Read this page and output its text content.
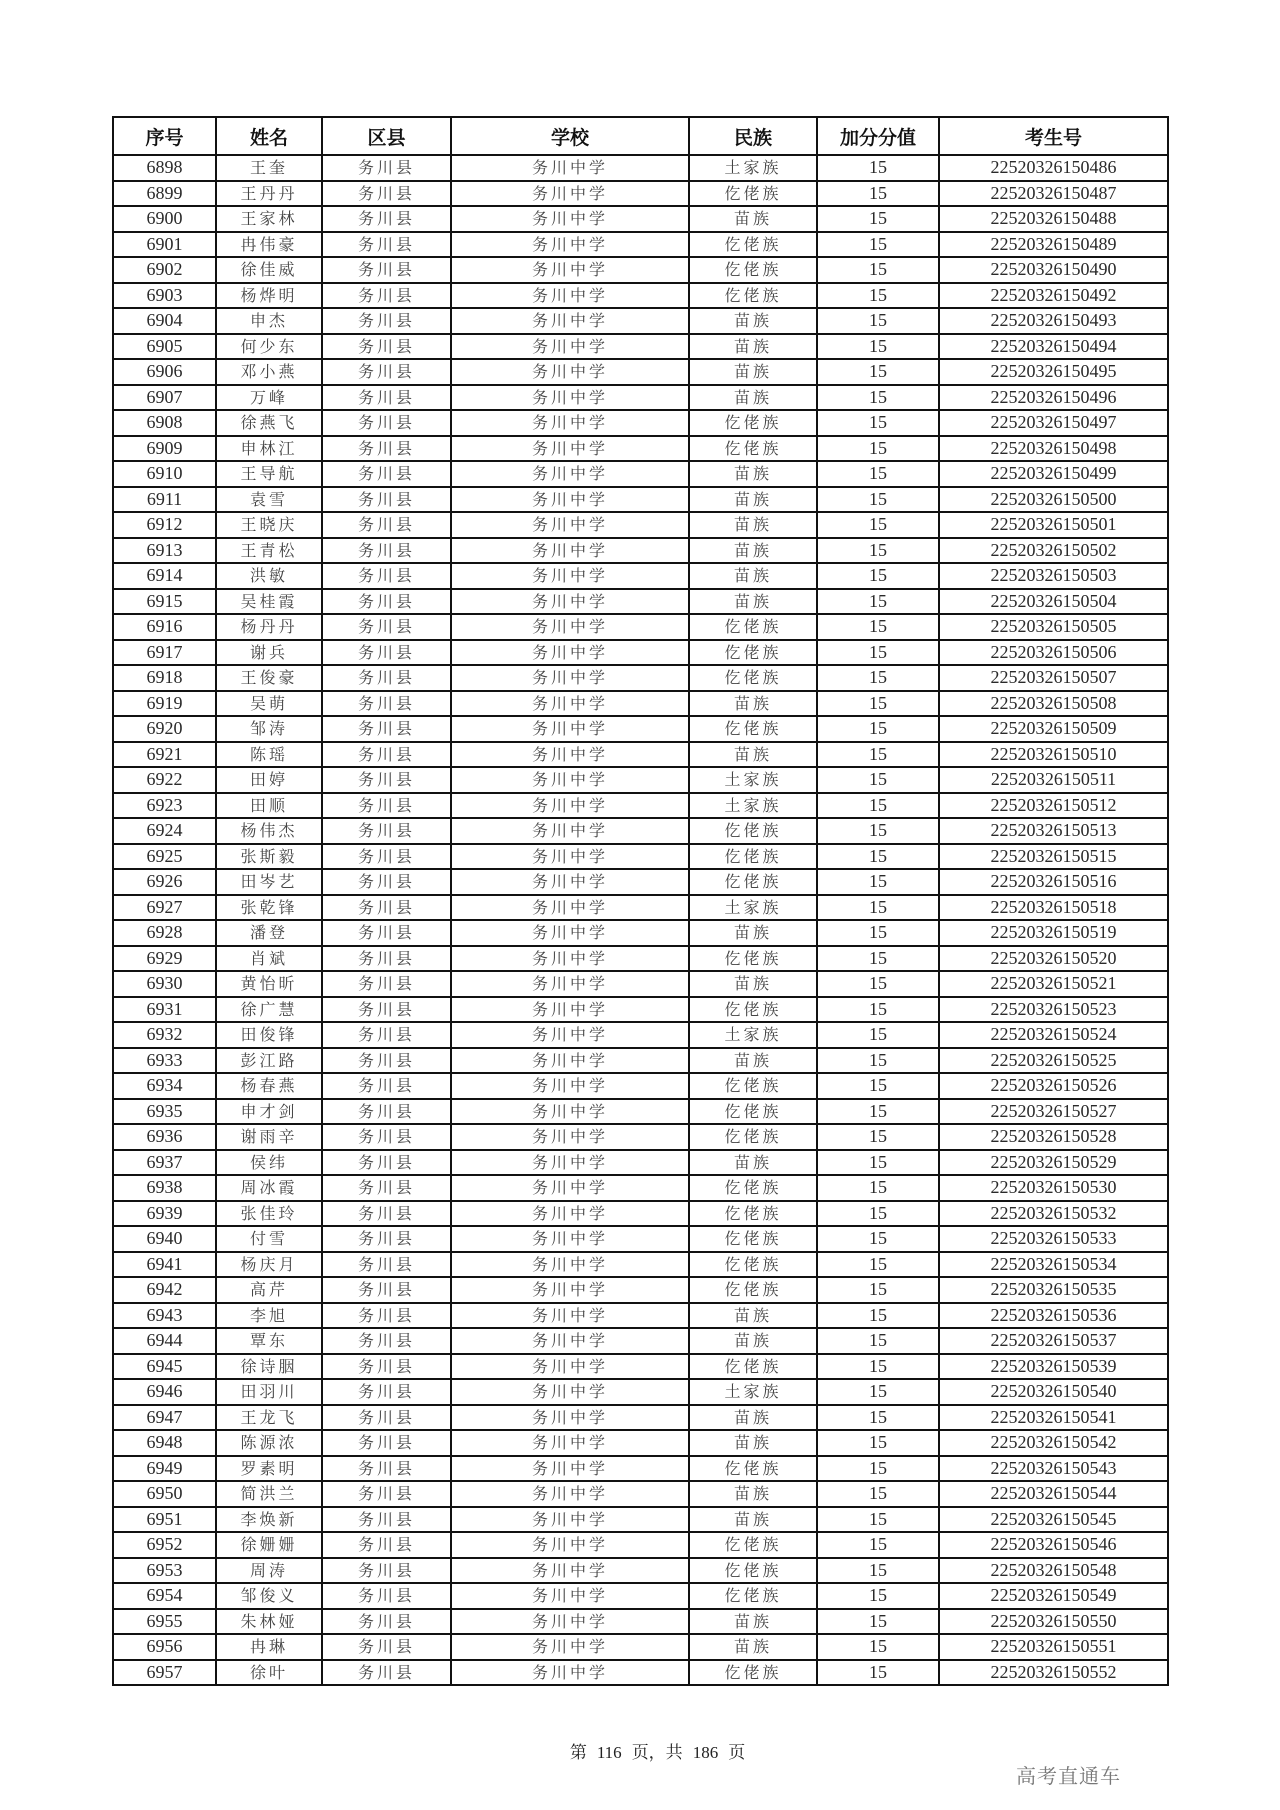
序号	姓名	区县	学校	民族	加分分值	考生号
6898	王奎	务川县	务川中学	土家族	15	22520326150486
6899	王丹丹	务川县	务川中学	仡佬族	15	22520326150487
6900	王家林	务川县	务川中学	苗族	15	22520326150488
6901	冉伟豪	务川县	务川中学	仡佬族	15	22520326150489
6902	徐佳威	务川县	务川中学	仡佬族	15	22520326150490
6903	杨烨明	务川县	务川中学	仡佬族	15	22520326150492
6904	申杰	务川县	务川中学	苗族	15	22520326150493
6905	何少东	务川县	务川中学	苗族	15	22520326150494
6906	邓小燕	务川县	务川中学	苗族	15	22520326150495
6907	万峰	务川县	务川中学	苗族	15	22520326150496
6908	徐燕飞	务川县	务川中学	仡佬族	15	22520326150497
6909	申林江	务川县	务川中学	仡佬族	15	22520326150498
6910	王导航	务川县	务川中学	苗族	15	22520326150499
6911	袁雪	务川县	务川中学	苗族	15	22520326150500
6912	王晓庆	务川县	务川中学	苗族	15	22520326150501
6913	王青松	务川县	务川中学	苗族	15	22520326150502
6914	洪敏	务川县	务川中学	苗族	15	22520326150503
6915	吴桂霞	务川县	务川中学	苗族	15	22520326150504
6916	杨丹丹	务川县	务川中学	仡佬族	15	22520326150505
6917	谢兵	务川县	务川中学	仡佬族	15	22520326150506
6918	王俊豪	务川县	务川中学	仡佬族	15	22520326150507
6919	吴萌	务川县	务川中学	苗族	15	22520326150508
6920	邹涛	务川县	务川中学	仡佬族	15	22520326150509
6921	陈瑶	务川县	务川中学	苗族	15	22520326150510
6922	田婷	务川县	务川中学	土家族	15	22520326150511
6923	田顺	务川县	务川中学	土家族	15	22520326150512
6924	杨伟杰	务川县	务川中学	仡佬族	15	22520326150513
6925	张斯毅	务川县	务川中学	仡佬族	15	22520326150515
6926	田岑艺	务川县	务川中学	仡佬族	15	22520326150516
6927	张乾锋	务川县	务川中学	土家族	15	22520326150518
6928	潘登	务川县	务川中学	苗族	15	22520326150519
6929	肖斌	务川县	务川中学	仡佬族	15	22520326150520
6930	黄怡昕	务川县	务川中学	苗族	15	22520326150521
6931	徐广慧	务川县	务川中学	仡佬族	15	22520326150523
6932	田俊锋	务川县	务川中学	土家族	15	22520326150524
6933	彭江路	务川县	务川中学	苗族	15	22520326150525
6934	杨春燕	务川县	务川中学	仡佬族	15	22520326150526
6935	申才剑	务川县	务川中学	仡佬族	15	22520326150527
6936	谢雨辛	务川县	务川中学	仡佬族	15	22520326150528
6937	侯纬	务川县	务川中学	苗族	15	22520326150529
6938	周冰霞	务川县	务川中学	仡佬族	15	22520326150530
6939	张佳玲	务川县	务川中学	仡佬族	15	22520326150532
6940	付雪	务川县	务川中学	仡佬族	15	22520326150533
6941	杨庆月	务川县	务川中学	仡佬族	15	22520326150534
6942	高芹	务川县	务川中学	仡佬族	15	22520326150535
6943	李旭	务川县	务川中学	苗族	15	22520326150536
6944	覃东	务川县	务川中学	苗族	15	22520326150537
6945	徐诗胭	务川县	务川中学	仡佬族	15	22520326150539
6946	田羽川	务川县	务川中学	土家族	15	22520326150540
6947	王龙飞	务川县	务川中学	苗族	15	22520326150541
6948	陈源浓	务川县	务川中学	苗族	15	22520326150542
6949	罗素明	务川县	务川中学	仡佬族	15	22520326150543
6950	简洪兰	务川县	务川中学	苗族	15	22520326150544
6951	李焕新	务川县	务川中学	苗族	15	22520326150545
6952	徐姗姗	务川县	务川中学	仡佬族	15	22520326150546
6953	周涛	务川县	务川中学	仡佬族	15	22520326150548
6954	邹俊义	务川县	务川中学	仡佬族	15	22520326150549
6955	朱林娅	务川县	务川中学	苗族	15	22520326150550
6956	冉琳	务川县	务川中学	苗族	15	22520326150551
6957	徐叶	务川县	务川中学	仡佬族	15	22520326150552
第 116 页，共 186 页
高考直通车
